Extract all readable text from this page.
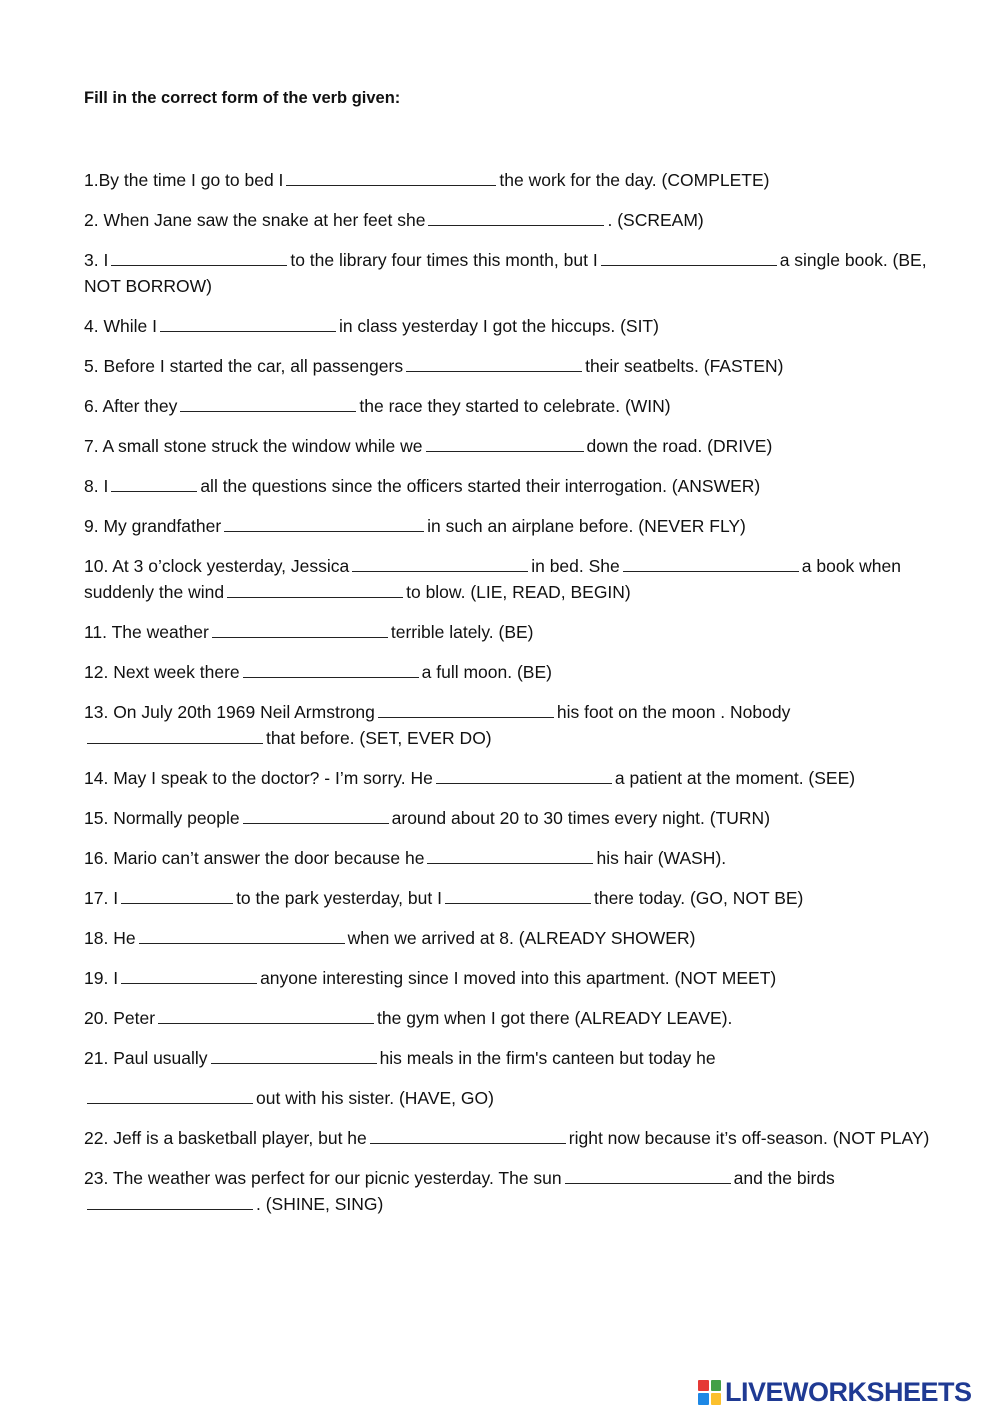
Fill in the correct form of the verb given:
1.By the time I go to bed I	the work for the day. (COMPLETE)
2. When Jane saw the snake at her feet she	. (SCREAM)
3. I	to the library four times this month, but I	a single book. (BE, NOT BORROW)
4. While I	in class yesterday I got the hiccups. (SIT)
5. Before I started the car, all passengers	their seatbelts. (FASTEN)
6. After they	the race they started to celebrate. (WIN)
7. A small stone struck the window while we	down the road. (DRIVE)
8. I	all the questions since the officers started their interrogation. (ANSWER)
9. My grandfather	in such an airplane before. (NEVER FLY)
10. At 3 o’clock yesterday, Jessica	in bed. She	a book when suddenly the wind	to blow. (LIE, READ, BEGIN)
11. The weather	terrible lately. (BE)
12. Next week there	a full moon. (BE)
13. On July 20th 1969 Neil Armstrong	his foot on the moon . Nobodythat before. (SET, EVER DO)
14. May I speak to the doctor? - I’m sorry. He	a patient at the moment. (SEE)
15. Normally people	around about 20 to 30 times every night. (TURN)
16. Mario can’t answer the door because he	his hair (WASH).
17. I	to the park yesterday, but I	there today. (GO, NOT BE)
18. He	when we arrived at 8. (ALREADY SHOWER)
19. I	anyone interesting since I moved into this apartment. (NOT MEET)
20. Peter	the gym when I got there (ALREADY LEAVE).
21. Paul usually	his meals in the firm's canteen but today he
out with his sister. (HAVE, GO)
22. Jeff is a basketball player, but he	right now because it’s off-season. (NOT PLAY)
23. The weather was perfect for our picnic yesterday. The sun	and the birds. (SHINE, SING)
LIVEWORKSHEETS
